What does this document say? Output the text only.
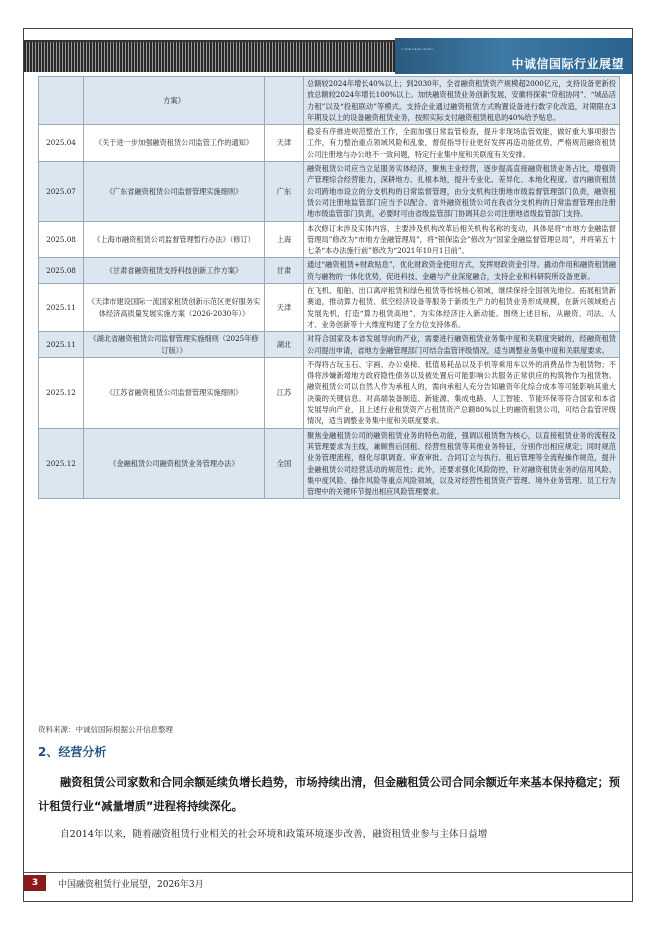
⋯⊶⋯⊷⋯⊶⋯
中诚信国际行业展望
	方案》		总额较2024年增长40%以上；到2030年，全省融资租赁资产规模超2000亿元，支持设备更新投放总额较2024年增长100%以上。加快融资租赁业务创新发展，安徽将探索“贷租协同”、“城品活力租”以及“投租联动”等模式。支持企业通过融资租赁方式购置设备进行数字化改造，对期限在3年期及以上的设备融资租赁业务，按照实际支付融资租赁租息的40%给予贴息。
2025.04	《关于进一步加强融资租赁公司监管工作的通知》	天津	稳妥有序推进规范整治工作，全面加强日常监管检查，提升非现场监管效能，做好重大事项报告工作，有力整治重点领域风险和乱象，督促指导行业更好发挥再造功能优势，严格规范融资租赁公司注册地与办公地不一致问题，特定行业集中度和关联度有关安排。
2025.07	《广东省融资租赁公司监督管理实施细则》	广东	融资租赁公司应当立足服务实体经济，聚焦主业经营，逐步提高直接融资租赁业务占比，增强资产管理综合经营能力，深耕地方、扎根本地，提升专业化、差异化、本地化程度。省内融资租赁公司跨地市设立的分支机构的日常监督管理，由分支机构注册地市级监督管理部门负责，融资租赁公司注册地监管部门应当予以配合。省外融资租赁公司在我省分支机构的日常监督管理由注册地市级监管部门负责，必要时可由省级监管部门协调其总公司注册地省级监管部门支持。
2025.08	《上海市融资租赁公司监督管理暂行办法》（修订）	上海	本次修订未涉及实体内容，主要涉及机构改革后相关机构名称的变动，具体是将“市地方金融监督管理局”修改为“市地方金融管理局”，将“银保监会”修改为“国家金融监督管理总局”，并将第五十七条“本办法施行前”修改为“2021年10月1日前”。
2025.08	《甘肃省融资租赁支持科技创新工作方案》	甘肃	通过“融资租赁+财政贴息”，优化财政资金使用方式，发挥财政资金引导、撬动作用和融资租赁融资与融物的一体化优势，促进科技、金融与产业深度融合，支持企业和科研院所设备更新。
2025.11	《天津市建设国际一流国家租赁创新示范区更好服务实体经济高质量发展实施方案（2026-2030年）》	天津	在飞机、船舶、出口离岸租赁和绿色租赁等传统核心领域，继续保持全国领先地位。拓展租赁新赛道，推动算力租赁、低空经济设备等服务于新质生产力的租赁业务形成规模，在新兴领域抢占发展先机，打造“算力租赁高地”，为实体经济注入新动能。围绕上述目标，从融资、司法、人才、业务创新等十大维度构建了全方位支持体系。
2025.11	《湖北省融资租赁公司监督管理实施细则（2025年修订版）》	湖北	对符合国家及本省发展导向的产业，需要进行融资租赁业务集中度和关联度突破的，经融资租赁公司提出申请，省地方金融管理部门可结合监管评级情况，适当调整业务集中度和关联度要求。
2025.12	《江苏省融资租赁公司监督管理实施细则》	江苏	不得将古玩玉石、字画、办公桌椅、低值易耗品以及手机等乘用车以外的消费品作为租赁物；不得将涉嫌新增地方政府隐性债务以及被处置后可能影响公共服务正常供应的构筑物作为租赁物。融资租赁公司以自然人作为承租人的，需向承租人充分告知融资年化综合成本等可能影响其重大决策的关键信息。对高端装备制造、新能源、集成电路、人工智能、节能环保等符合国家和本省发展导向产业，且上述行业租赁资产占租赁资产总额80%以上的融资租赁公司，可结合监管评级情况，适当调整业务集中度和关联度要求。
2025.12	《金融租赁公司融资租赁业务管理办法》	全国	聚焦金融租赁公司的融资租赁业务的特色功能，强调以租赁物为核心，以直接租赁业务的流程及其管理要求为主线，兼顾售后回租、经营性租赁等其他业务特征，分别作出相应规定；同时规范业务管理流程，细化尽职调查、审查审批、合同订立与执行、租后管理等全流程操作规范，提升金融租赁公司经营活动的规范性；此外，还要求强化风险防控，针对融资租赁业务的信用风险、集中度风险、操作风险等重点风险领域，以及对经营性租赁资产管理、境外业务管理、员工行为管理中的关键环节提出相应风险管理要求。
资料来源：中诚信国际根据公开信息整理
2、经营分析
融资租赁公司家数和合同余额延续负增长趋势，市场持续出清，但金融租赁公司合同余额近年来基本保持稳定；预计租赁行业“减量增质”进程将持续深化。
自2014年以来，随着融资租赁行业相关的社会环境和政策环境逐步改善，融资租赁业参与主体日益增
3	中国融资租赁行业展望，2026年3月
